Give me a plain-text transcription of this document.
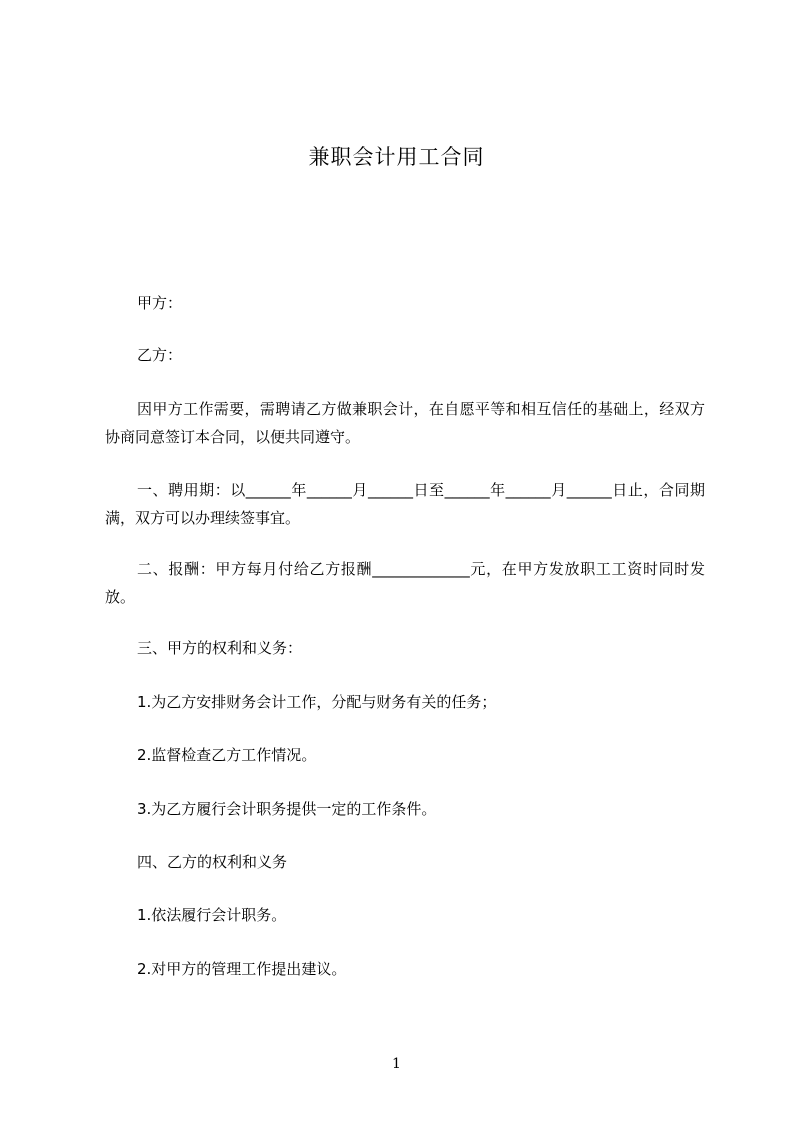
兼职会计用工合同

甲方：

乙方：

因甲方工作需要，需聘请乙方做兼职会计，在自愿平等和相互信任的基础上，经双方协商同意签订本合同，以便共同遵守。

一、聘用期：以______年______月______日至______年______月______日止，合同期满，双方可以办理续签事宜。

二、报酬：甲方每月付给乙方报酬_____________元，在甲方发放职工工资时同时发放。

三、甲方的权利和义务：

1.为乙方安排财务会计工作，分配与财务有关的任务；

2.监督检查乙方工作情况。

3.为乙方履行会计职务提供一定的工作条件。

四、乙方的权利和义务

1.依法履行会计职务。

2.对甲方的管理工作提出建议。

1
